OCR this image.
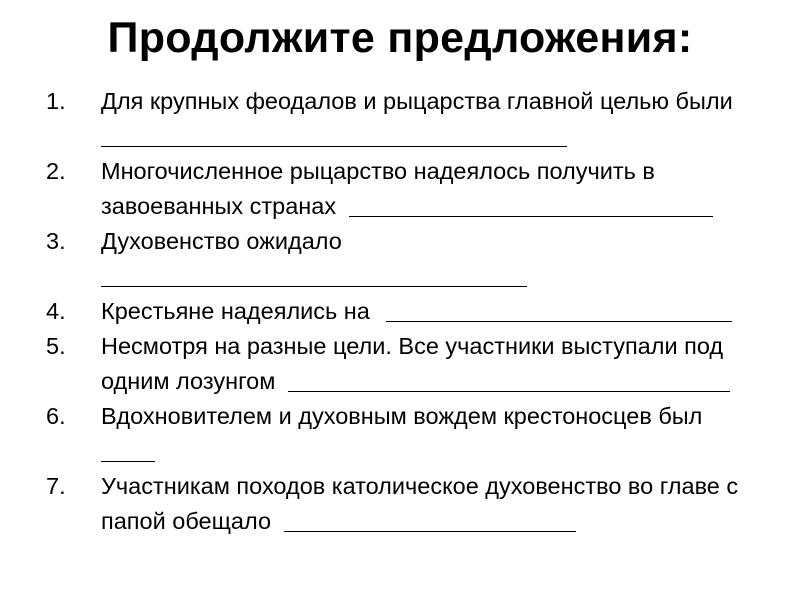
Продолжите предложения:
1.	Для крупных феодалов и рыцарства главной целью были
2.	Многочисленное рыцарство надеялось получить в
завоеванных странах
3.	Духовенство ожидало
4.	Крестьяне надеялись на
5.	Несмотря на разные цели. Все участники выступали под
одним лозунгом
6.	Вдохновителем и духовным вождем крестоносцев был
7.	Участникам походов католическое духовенство во главе с
папой обещало
